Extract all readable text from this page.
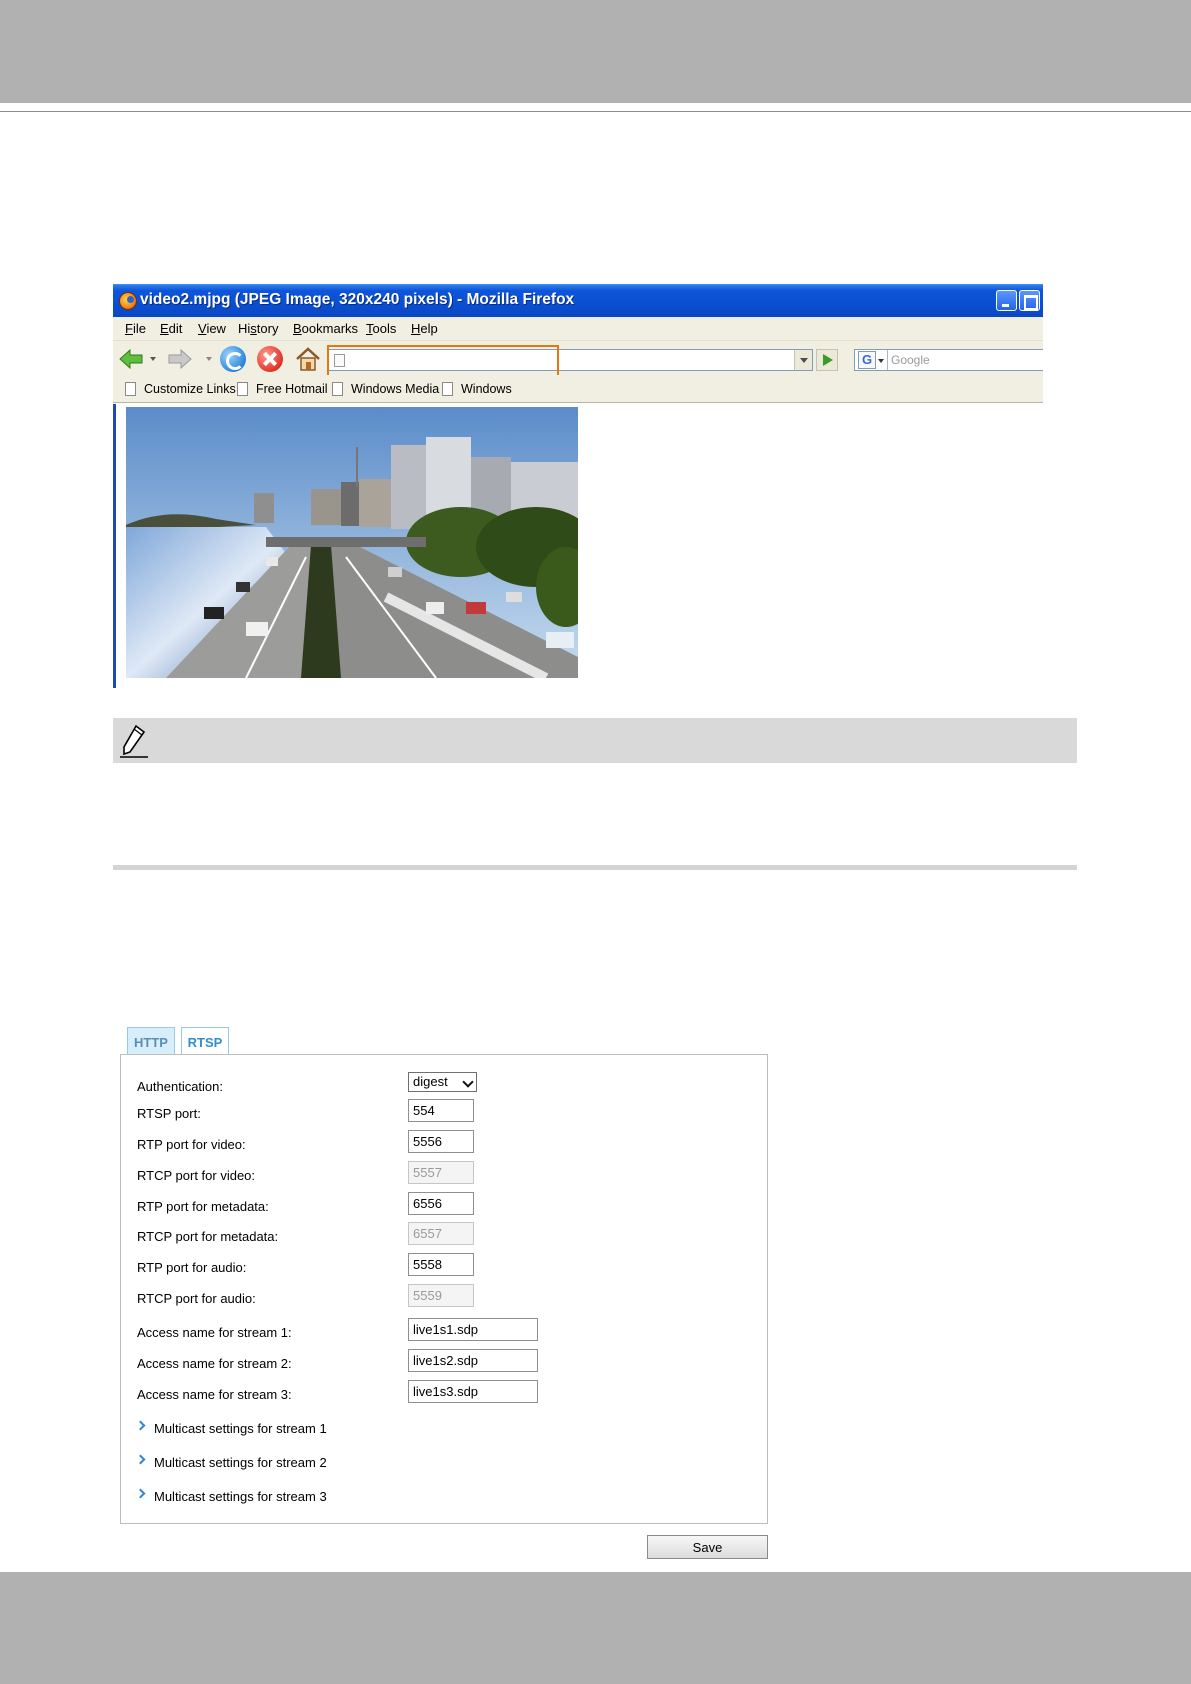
video2.mjpg (JPEG Image, 320x240 pixels) - Mozilla Firefox
File Edit View History Bookmarks Tools Help
G	Google
Customize Links	Free Hotmail	Windows Media	Windows
HTTP	RTSP
Authentication:	digest
RTSP port:	554
RTP port for video:	5556
RTCP port for video:	5557
RTP port for metadata:	6556
RTCP port for metadata:	6557
RTP port for audio:	5558
RTCP port for audio:	5559
Access name for stream 1:	live1s1.sdp
Access name for stream 2:	live1s2.sdp
Access name for stream 3:	live1s3.sdp
Multicast settings for stream 1
Multicast settings for stream 2
Multicast settings for stream 3
Save
